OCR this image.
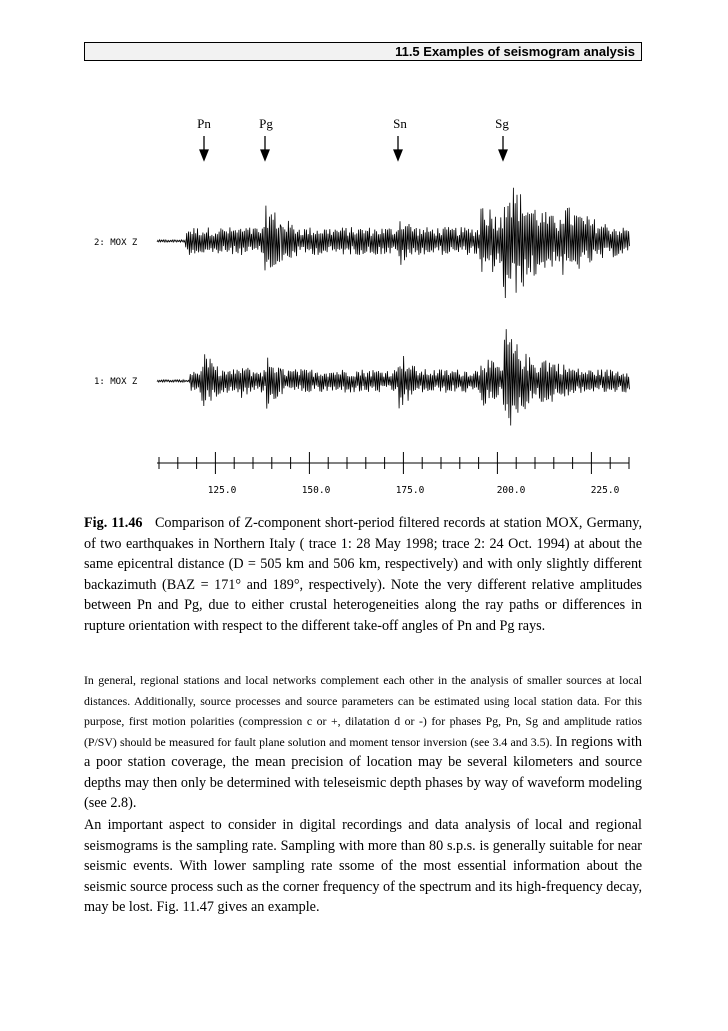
11.5 Examples of seismogram analysis
Pn	Pg	Sn	Sg
2: MOX Z
1: MOX Z
125.0	150.0	175.0	200.0	225.0

Fig. 11.46 Comparison of Z-component short-period filtered records at station MOX, Germany, of two earthquakes in Northern Italy ( trace 1: 28 May 1998; trace 2: 24 Oct. 1994) at about the same epicentral distance (D = 505 km and 506 km, respectively) and with only slightly different backazimuth (BAZ = 171° and 189°, respectively). Note the very different relative amplitudes between Pn and Pg, due to either crustal heterogeneities along the ray paths or differences in rupture orientation with respect to the different take-off angles of Pn and Pg rays.

In general, regional stations and local networks complement each other in the analysis of smaller sources at local distances. Additionally, source processes and source parameters can be estimated using local station data. For this purpose, first motion polarities (compression c or +, dilatation d or -) for phases Pg, Pn, Sg and amplitude ratios (P/SV) should be measured for fault plane solution and moment tensor inversion (see 3.4 and 3.5). In regions with a poor station coverage, the mean precision of location may be several kilometers and source depths may then only be determined with teleseismic depth phases by way of waveform modeling (see 2.8).

An important aspect to consider in digital recordings and data analysis of local and regional seismograms is the sampling rate. Sampling with more than 80 s.p.s. is generally suitable for near seismic events. With lower sampling rate ssome of the most essential information about the seismic source process such as the corner frequency of the spectrum and its high-frequency decay, may be lost. Fig. 11.47 gives an example.
